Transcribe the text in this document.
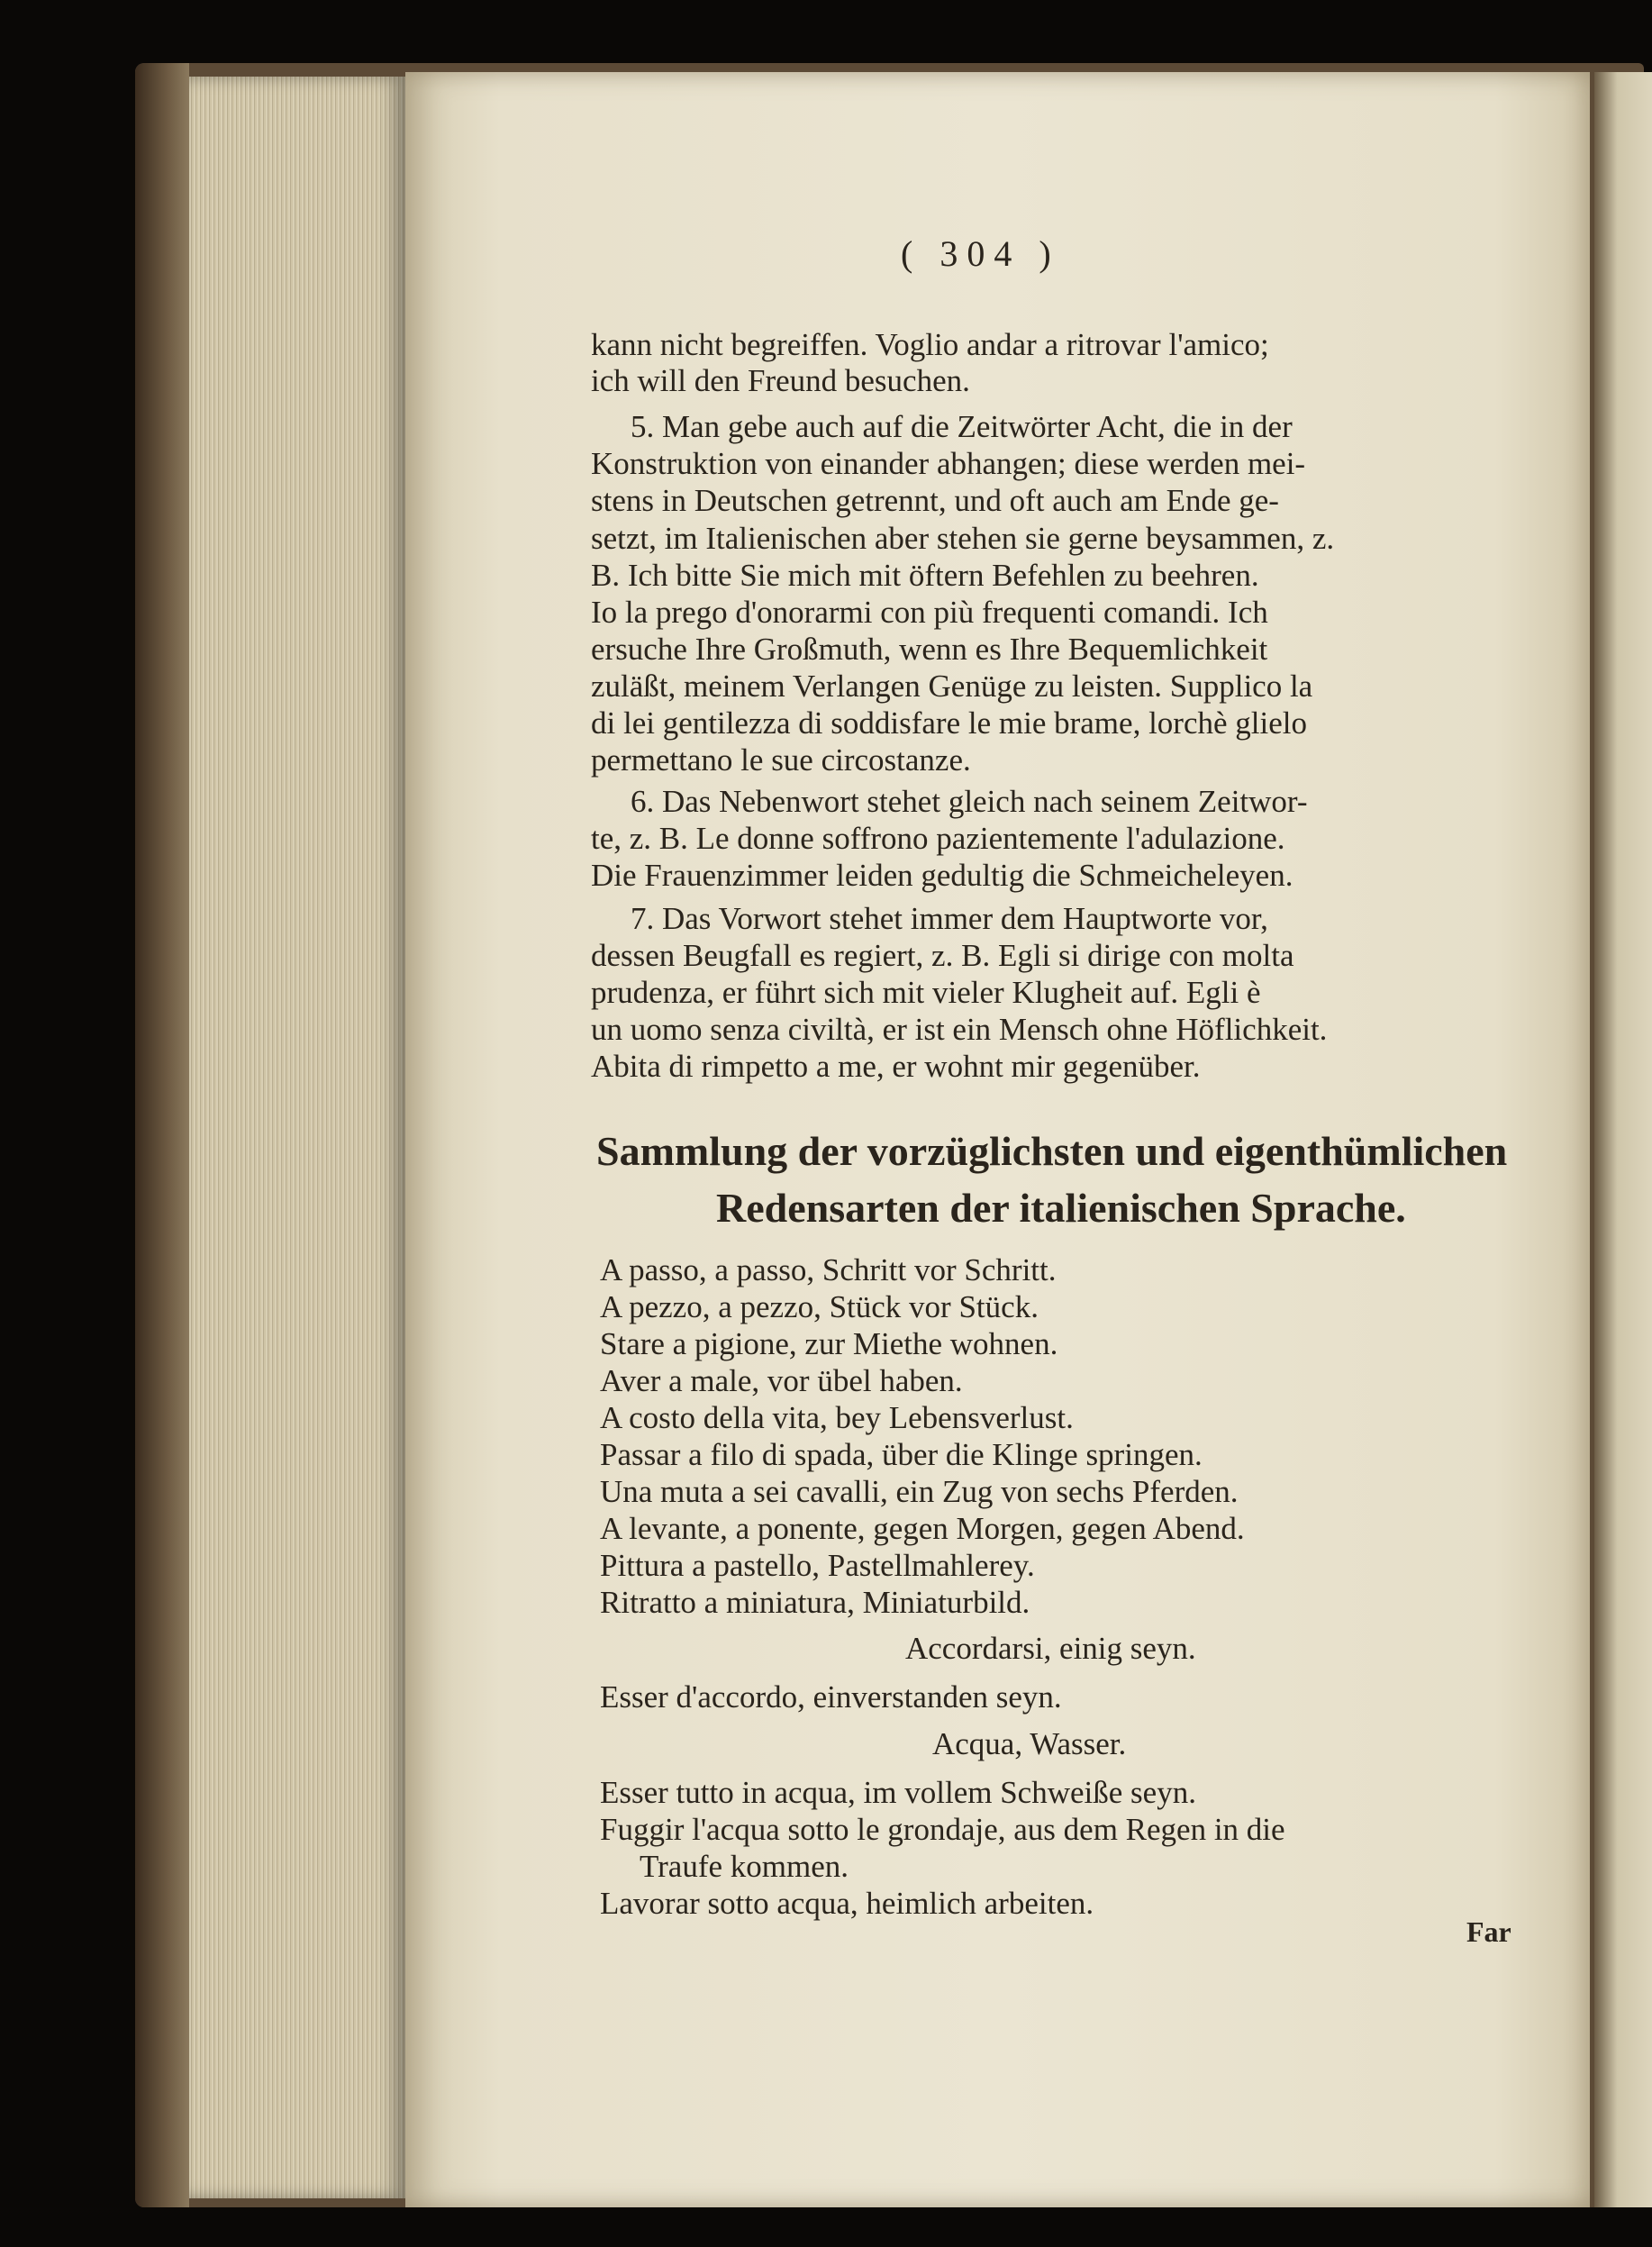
( 304 )
kann nicht begreiffen. Voglio andar a ritrovar l'amico;
ich will den Freund besuchen.
5. Man gebe auch auf die Zeitwörter Acht, die in der
Konstruktion von einander abhangen; diese werden mei-
stens in Deutschen getrennt, und oft auch am Ende ge-
setzt, im Italienischen aber stehen sie gerne beysammen, z.
B. Ich bitte Sie mich mit öftern Befehlen zu beehren.
Io la prego d'onorarmi con più frequenti comandi. Ich
ersuche Ihre Großmuth, wenn es Ihre Bequemlichkeit
zuläßt, meinem Verlangen Genüge zu leisten. Supplico la
di lei gentilezza di soddisfare le mie brame, lorchè glielo
permettano le sue circostanze.
6. Das Nebenwort stehet gleich nach seinem Zeitwor-
te, z. B. Le donne soffrono pazientemente l'adulazione.
Die Frauenzimmer leiden gedultig die Schmeicheleyen.
7. Das Vorwort stehet immer dem Hauptworte vor,
dessen Beugfall es regiert, z. B. Egli si dirige con molta
prudenza, er führt sich mit vieler Klugheit auf. Egli è
un uomo senza civiltà, er ist ein Mensch ohne Höflichkeit.
Abita di rimpetto a me, er wohnt mir gegenüber.
Sammlung der vorzüglichsten und eigenthümlichen
Redensarten der italienischen Sprache.
A passo, a passo, Schritt vor Schritt.
A pezzo, a pezzo, Stück vor Stück.
Stare a pigione, zur Miethe wohnen.
Aver a male, vor übel haben.
A costo della vita, bey Lebensverlust.
Passar a filo di spada, über die Klinge springen.
Una muta a sei cavalli, ein Zug von sechs Pferden.
A levante, a ponente, gegen Morgen, gegen Abend.
Pittura a pastello, Pastellmahlerey.
Ritratto a miniatura, Miniaturbild.
Accordarsi, einig seyn.
Esser d'accordo, einverstanden seyn.
Acqua, Wasser.
Esser tutto in acqua, im vollem Schweiße seyn.
Fuggir l'acqua sotto le grondaje, aus dem Regen in die
Traufe kommen.
Lavorar sotto acqua, heimlich arbeiten.
Far
